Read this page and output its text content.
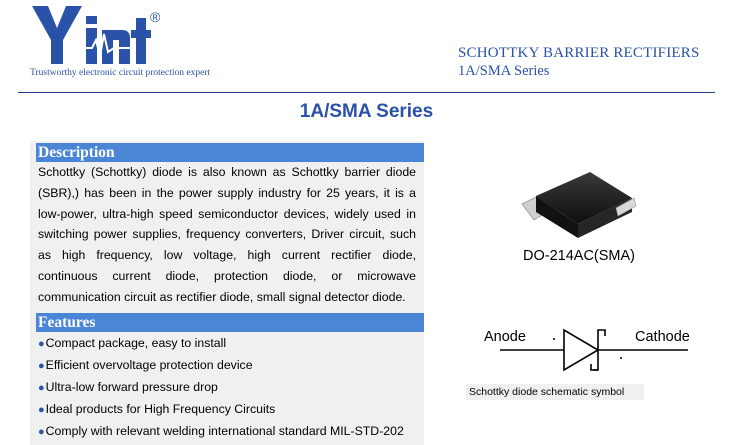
®
Trustworthy electronic circuit protection expert
SCHOTTKY BARRIER RECTIFIERS
1A/SMA Series
1A/SMA Series
Description
Schottky (Schottky) diode is also known as Schottky barrier diode (SBR),) has been in the power supply industry for 25 years, it is a low-power, ultra-high speed semiconductor devices, widely used in switching power supplies, frequency converters, Driver circuit, such as high frequency, low voltage, high current rectifier diode, continuous current diode, protection diode, or microwave communication circuit as rectifier diode, small signal detector diode.
Features
●Compact package, easy to install
●Efficient overvoltage protection device
●Ultra-low forward pressure drop
●Ideal products for High Frequency Circuits
●Comply with relevant welding international standard MIL-STD-202
DO-214AC(SMA)
Anode	Cathode
Schottky diode schematic symbol
